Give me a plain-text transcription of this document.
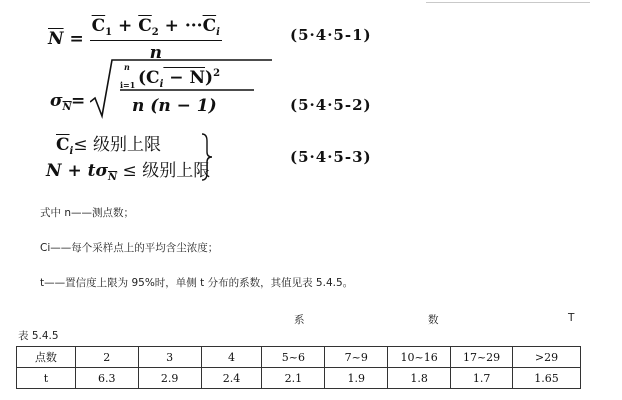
$\overline{N} = \frac{\overline{C}_1 + \overline{C}_2 + \cdot\cdot\cdot\overline{C}_i}{n}$	(5·4·5-1)
$\sigma_{\overline{N}}$ =
n
i=1 $(C_i - N)^2$
n (n − 1)	(5·4·5-2)
$\overline{C}_i\le$ 级别上限
$N + t\sigma_{\overline{N}}$ ≤ 级别上限
(5·4·5-3)
式中 n——测点数；
Ci——每个采样点上的平均含尘浓度；
t——置信度上限为 95%时，单侧 t 分布的系数，其值见表 5.4.5。
系	数	T
表 5.4.5
点数	2	3	4	5~6	7~9	10~16	17~29	>29
t	6.3	2.9	2.4	2.1	1.9	1.8	1.7	1.65
